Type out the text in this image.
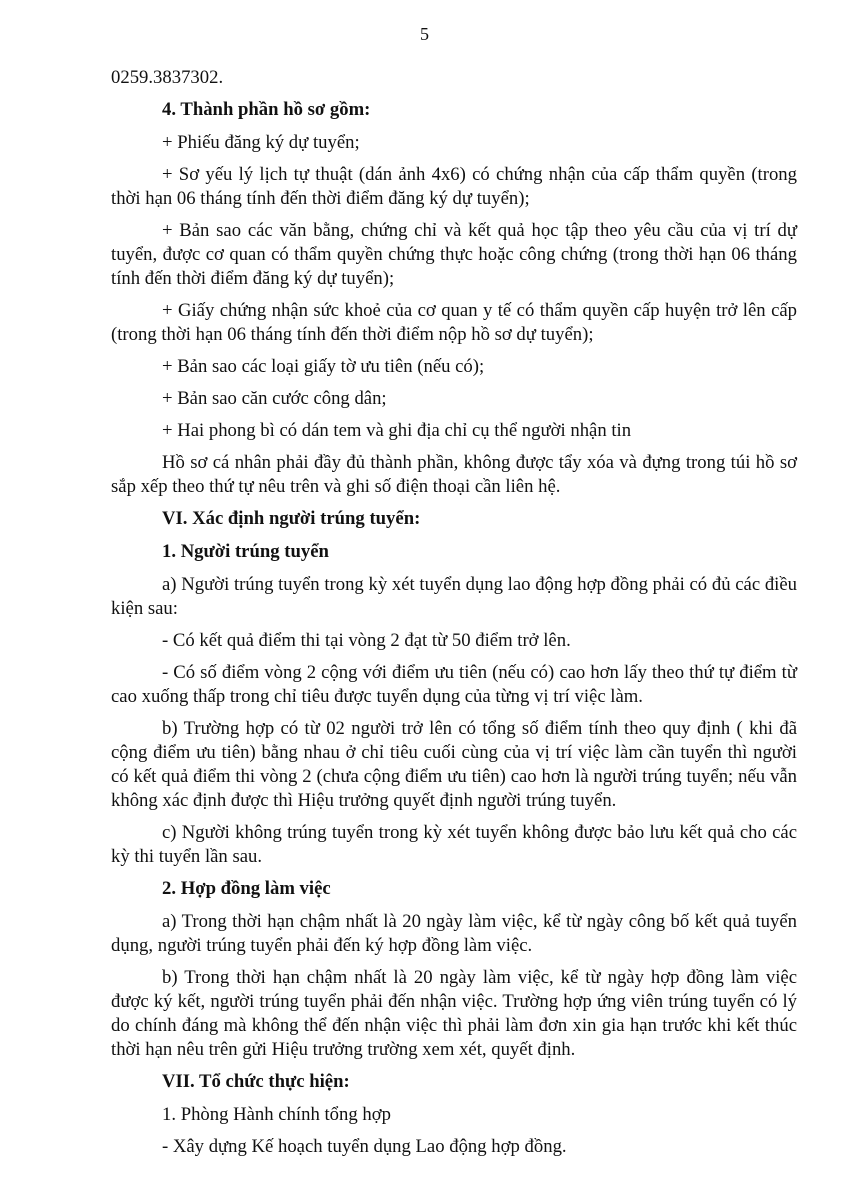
5

0259.3837302.

4. Thành phần hồ sơ gồm:

+ Phiếu đăng ký dự tuyển;

+ Sơ yếu lý lịch tự thuật (dán ảnh 4x6) có chứng nhận của cấp thẩm quyền (trong thời hạn 06 tháng tính đến thời điểm đăng ký dự tuyển);

+ Bản sao các văn bằng, chứng chỉ và kết quả học tập theo yêu cầu của vị trí dự tuyển, được cơ quan có thẩm quyền chứng thực hoặc công chứng (trong thời hạn 06 tháng tính đến thời điểm đăng ký dự tuyển);

+ Giấy chứng nhận sức khoẻ của cơ quan y tế có thẩm quyền cấp huyện trở lên cấp (trong thời hạn 06 tháng tính đến thời điểm nộp hồ sơ dự tuyển);

+ Bản sao các loại giấy tờ ưu tiên (nếu có);

+ Bản sao căn cước công dân;

+ Hai phong bì có dán tem và ghi địa chỉ cụ thể người nhận tin

Hồ sơ cá nhân phải đầy đủ thành phần, không được tẩy xóa và đựng trong túi hồ sơ sắp xếp theo thứ tự nêu trên và ghi số điện thoại cần liên hệ.

VI. Xác định người trúng tuyển:

1. Người trúng tuyển

a) Người trúng tuyển trong kỳ xét tuyển dụng lao động hợp đồng phải có đủ các điều kiện sau:

- Có kết quả điểm thi tại vòng 2 đạt từ 50 điểm trở lên.

- Có số điểm vòng 2 cộng với điểm ưu tiên (nếu có) cao hơn lấy theo thứ tự điểm từ cao xuống thấp trong chỉ tiêu được tuyển dụng của từng vị trí việc làm.

b) Trường hợp có từ 02 người trở lên có tổng số điểm tính theo quy định ( khi đã cộng điểm ưu tiên) bằng nhau ở chỉ tiêu cuối cùng của vị trí việc làm cần tuyển thì người có kết quả điểm thi vòng 2 (chưa cộng điểm ưu tiên) cao hơn là người trúng tuyển; nếu vẫn không xác định được thì Hiệu trưởng quyết định người trúng tuyển.

c) Người không trúng tuyển trong kỳ xét tuyển không được bảo lưu kết quả cho các kỳ thi tuyển lần sau.

2. Hợp đồng làm việc

a) Trong thời hạn chậm nhất là 20 ngày làm việc, kể từ ngày công bố kết quả tuyển dụng, người trúng tuyển phải đến ký hợp đồng làm việc.

b) Trong thời hạn chậm nhất là 20 ngày làm việc, kể từ ngày hợp đồng làm việc được ký kết, người trúng tuyển phải đến nhận việc. Trường hợp ứng viên trúng tuyển có lý do chính đáng mà không thể đến nhận việc thì phải làm đơn xin gia hạn trước khi kết thúc thời hạn nêu trên gửi Hiệu trưởng trường xem xét, quyết định.

VII. Tổ chức thực hiện:

1. Phòng Hành chính tổng hợp

- Xây dựng Kế hoạch tuyển dụng Lao động hợp đồng.
